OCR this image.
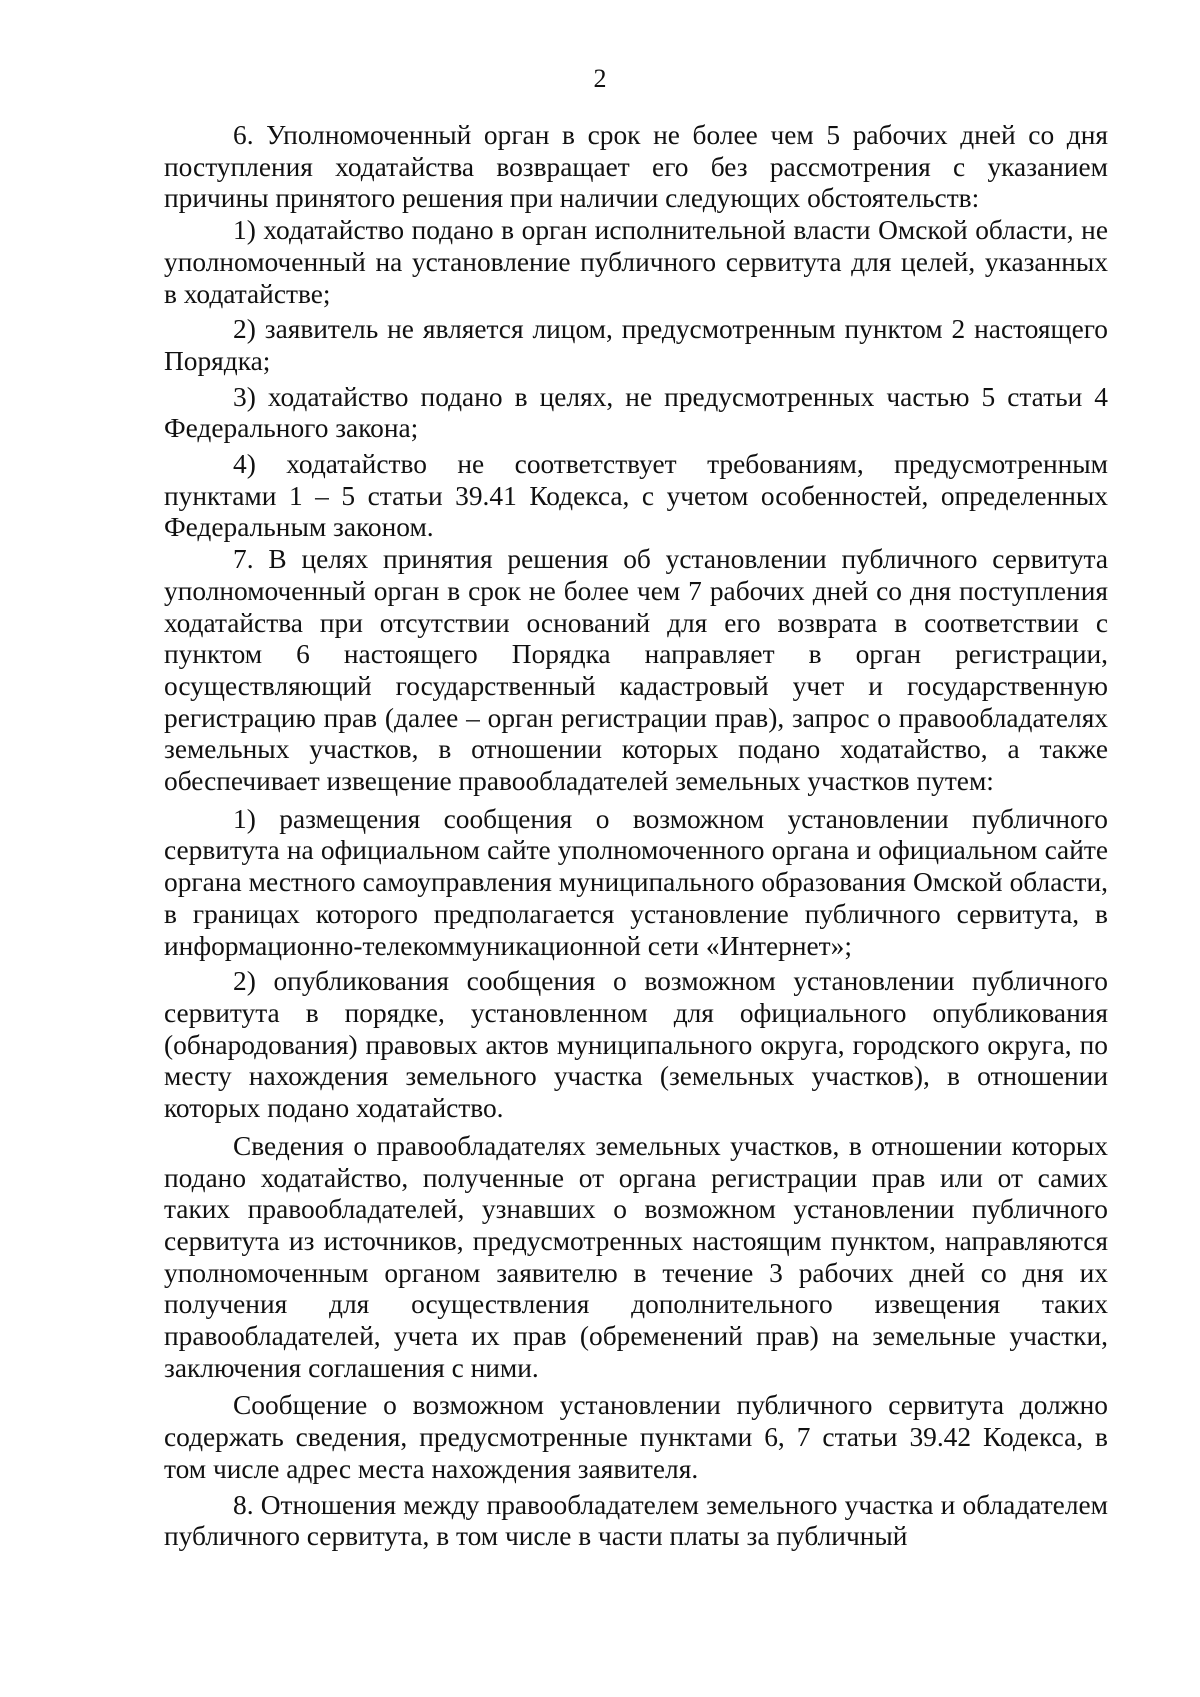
2

6. Уполномоченный орган в срок не более чем 5 рабочих дней со дня поступления ходатайства возвращает его без рассмотрения с указанием причины принятого решения при наличии следующих обстоятельств:

1) ходатайство подано в орган исполнительной власти Омской области, не уполномоченный на установление публичного сервитута для целей, указанных в ходатайстве;

2) заявитель не является лицом, предусмотренным пунктом 2 настоящего Порядка;

3) ходатайство подано в целях, не предусмотренных частью 5 статьи 4 Федерального закона;

4) ходатайство не соответствует требованиям, предусмотренным пунктами 1 – 5 статьи 39.41 Кодекса, с учетом особенностей, определенных Федеральным законом.

7. В целях принятия решения об установлении публичного сервитута уполномоченный орган в срок не более чем 7 рабочих дней со дня поступления ходатайства при отсутствии оснований для его возврата в соответствии с пунктом 6 настоящего Порядка направляет в орган регистрации, осуществляющий государственный кадастровый учет и государственную регистрацию прав (далее – орган регистрации прав), запрос о правообладателях земельных участков, в отношении которых подано ходатайство, а также обеспечивает извещение правообладателей земельных участков путем:

1) размещения сообщения о возможном установлении публичного сервитута на официальном сайте уполномоченного органа и официальном сайте органа местного самоуправления муниципального образования Омской области, в границах которого предполагается установление публичного сервитута, в информационно-телекоммуникационной сети «Интернет»;

2) опубликования сообщения о возможном установлении публичного сервитута в порядке, установленном для официального опубликования (обнародования) правовых актов муниципального округа, городского округа, по месту нахождения земельного участка (земельных участков), в отношении которых подано ходатайство.

Сведения о правообладателях земельных участков, в отношении которых подано ходатайство, полученные от органа регистрации прав или от самих таких правообладателей, узнавших о возможном установлении публичного сервитута из источников, предусмотренных настоящим пунктом, направляются уполномоченным органом заявителю в течение 3 рабочих дней со дня их получения для осуществления дополнительного извещения таких правообладателей, учета их прав (обременений прав) на земельные участки, заключения соглашения с ними.

Сообщение о возможном установлении публичного сервитута должно содержать сведения, предусмотренные пунктами 6, 7 статьи 39.42 Кодекса, в том числе адрес места нахождения заявителя.

8. Отношения между правообладателем земельного участка и обладателем публичного сервитута, в том числе в части платы за публичный
